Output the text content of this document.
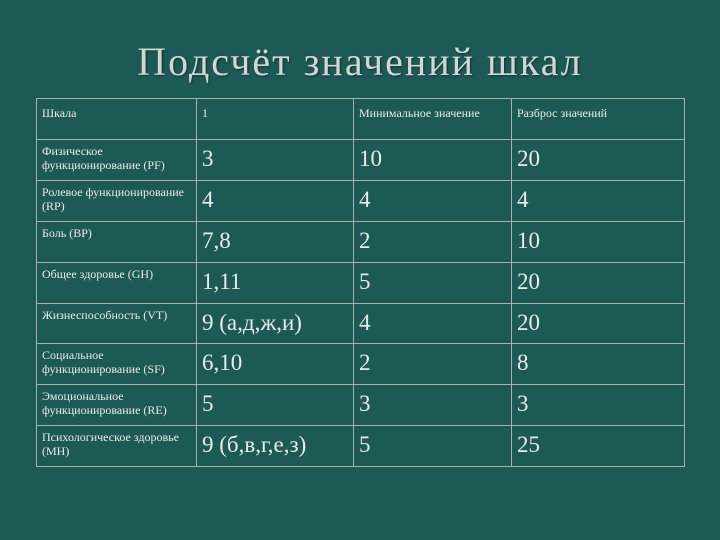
Подсчёт значений шкал
Шкала	1	Минимальное значение	Разброс значений

Физическое функционирование (PF)	3	10	20

Ролевое функционирование (RP)	4	4	4

Боль (BP)	7,8	2	10

Общее здоровье (GH)	1,11	5	20

Жизнеспособность (VT)	9 (а,д,ж,и)	4	20

Социальное функционирование (SF)	6,10	2	8

Эмоциональное функционирование (RE)	5	3	3

Психологическое здоровье (MH)	9 (б,в,г,е,з)	5	25
